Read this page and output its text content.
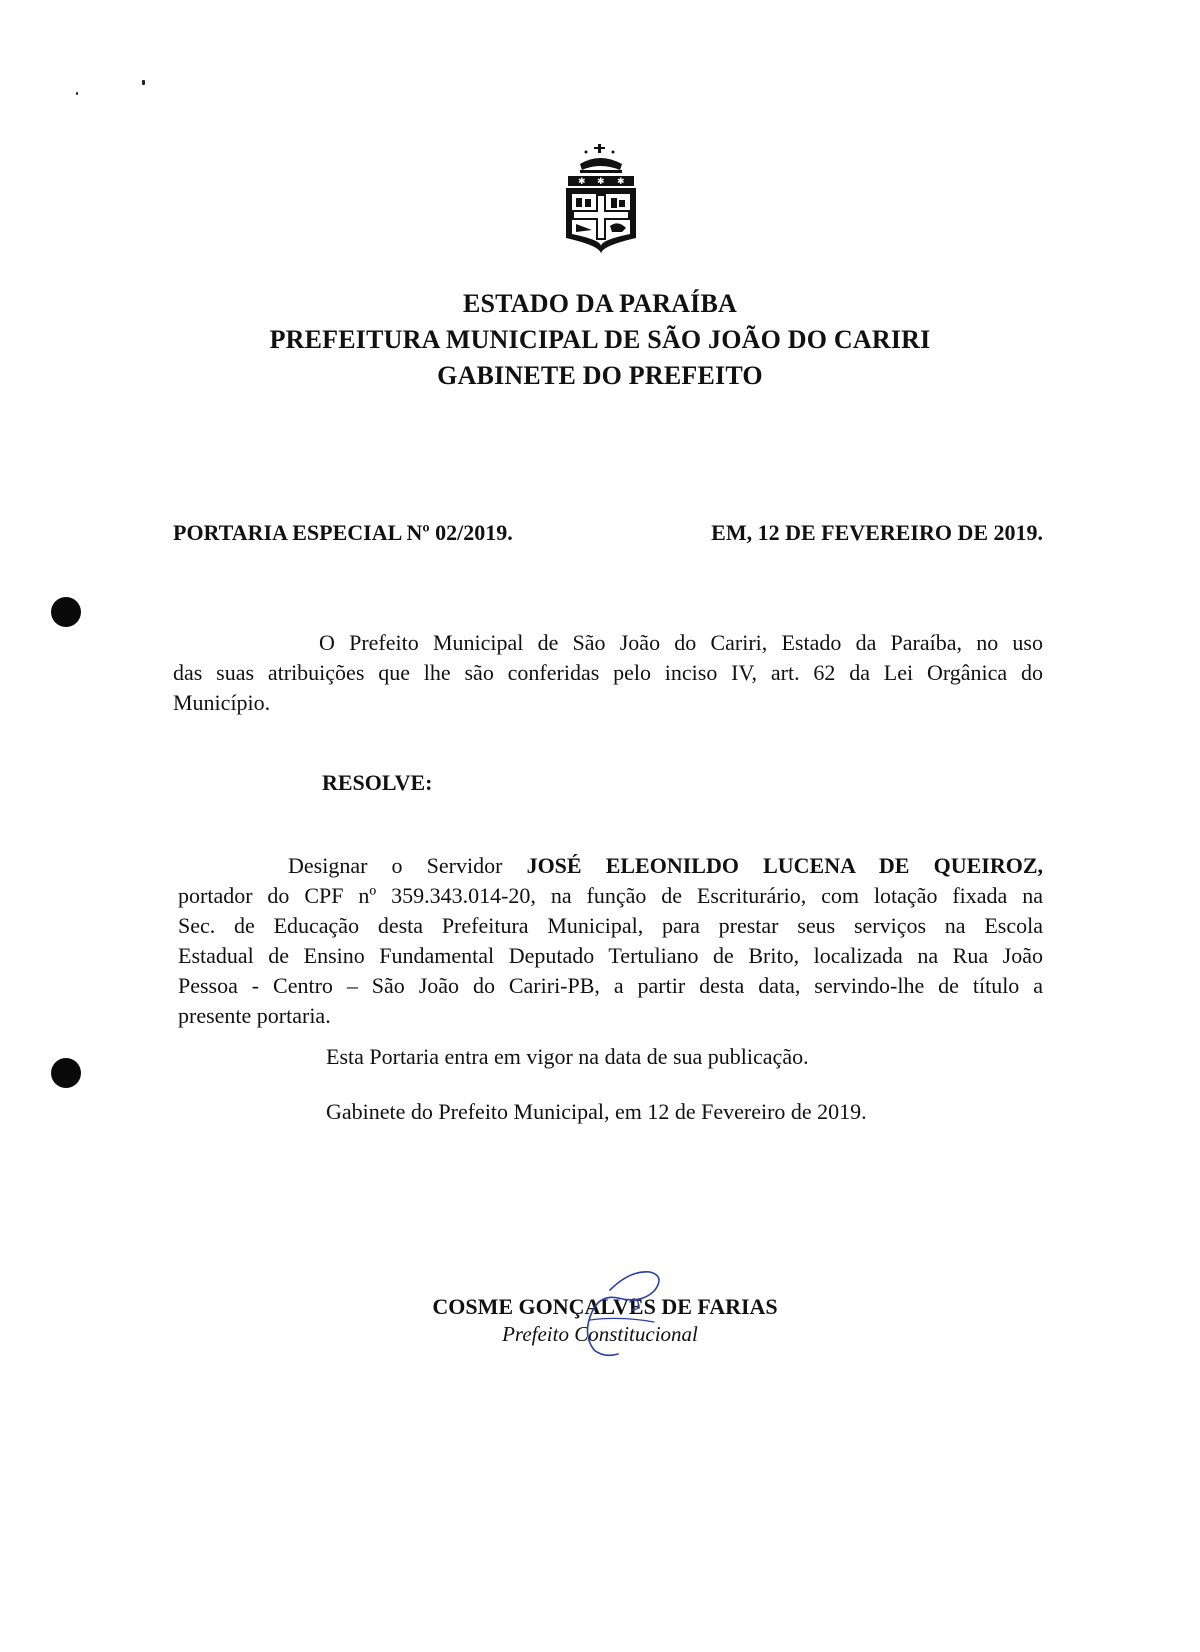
✱ ✱ ✱
ESTADO DA PARAÍBA
PREFEITURA MUNICIPAL DE SÃO JOÃO DO CARIRI
GABINETE DO PREFEITO
PORTARIA ESPECIAL Nº 02/2019.	EM, 12 DE FEVEREIRO DE 2019.
O Prefeito Municipal de São João do Cariri, Estado da Paraíba, no uso
das suas atribuições que lhe são conferidas pelo inciso IV, art. 62 da Lei Orgânica do
Município.
RESOLVE:
Designar o Servidor JOSÉ ELEONILDO LUCENA DE QUEIROZ,
portador do CPF nº 359.343.014-20, na função de Escriturário, com lotação fixada na
Sec. de Educação desta Prefeitura Municipal, para prestar seus serviços na Escola
Estadual de Ensino Fundamental Deputado Tertuliano de Brito, localizada na Rua João
Pessoa - Centro – São João do Cariri-PB, a partir desta data, servindo-lhe de título a
presente portaria.
Esta Portaria entra em vigor na data de sua publicação.
Gabinete do Prefeito Municipal, em 12 de Fevereiro de 2019.
COSME GONÇALVES DE FARIAS
Prefeito Constitucional
